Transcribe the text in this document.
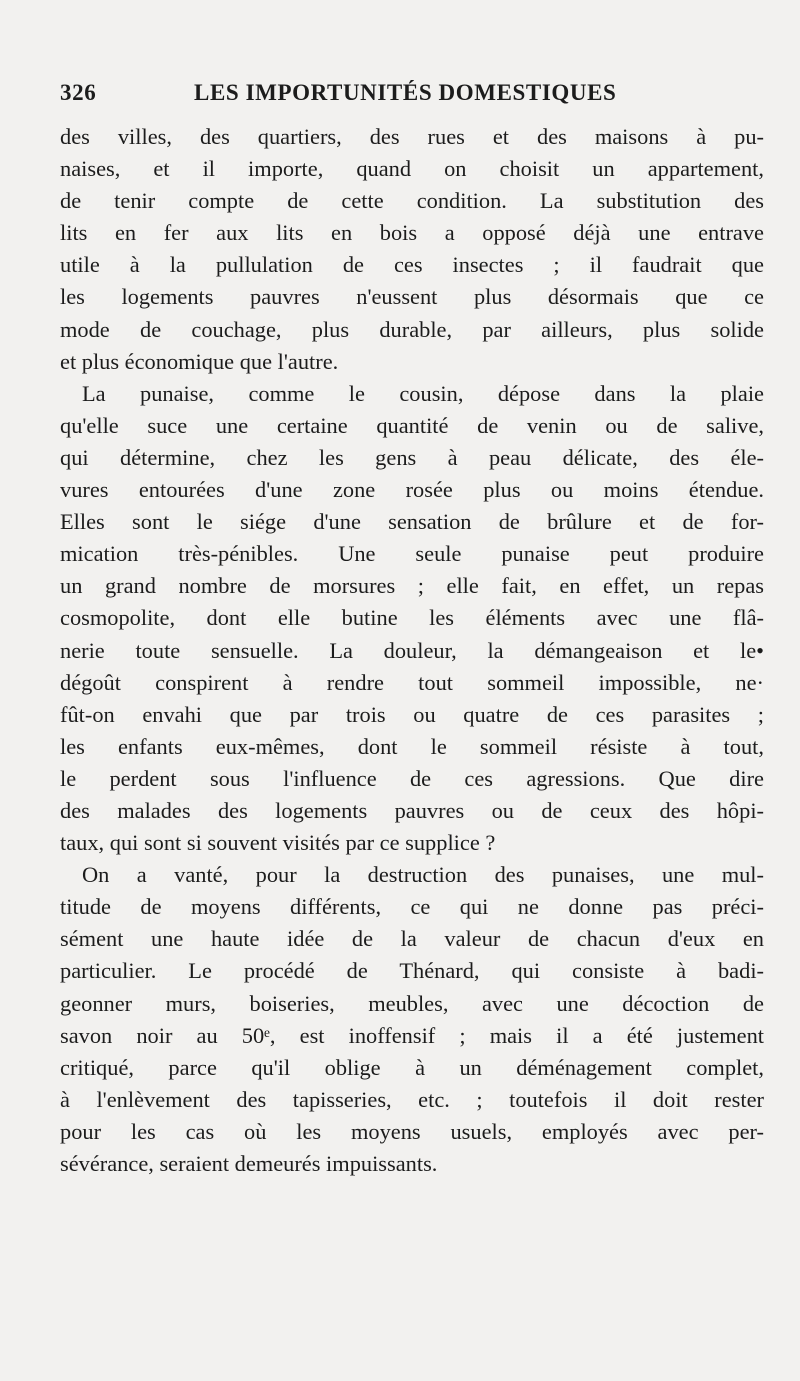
326	LES IMPORTUNITÉS DOMESTIQUES
des villes, des quartiers, des rues et des maisons à pu-
naises, et il importe, quand on choisit un appartement,
de tenir compte de cette condition. La substitution des
lits en fer aux lits en bois a opposé déjà une entrave
utile à la pullulation de ces insectes ; il faudrait que
les logements pauvres n'eussent plus désormais que ce
mode de couchage, plus durable, par ailleurs, plus solide
et plus économique que l'autre.
La punaise, comme le cousin, dépose dans la plaie
qu'elle suce une certaine quantité de venin ou de salive,
qui détermine, chez les gens à peau délicate, des éle-
vures entourées d'une zone rosée plus ou moins étendue.
Elles sont le siége d'une sensation de brûlure et de for-
mication très-pénibles. Une seule punaise peut produire
un grand nombre de morsures ; elle fait, en effet, un repas
cosmopolite, dont elle butine les éléments avec une flâ-
nerie toute sensuelle. La douleur, la démangeaison et le•
dégoût conspirent à rendre tout sommeil impossible, ne·
fût-on envahi que par trois ou quatre de ces parasites ;
les enfants eux-mêmes, dont le sommeil résiste à tout,
le perdent sous l'influence de ces agressions. Que dire
des malades des logements pauvres ou de ceux des hôpi-
taux, qui sont si souvent visités par ce supplice ?
On a vanté, pour la destruction des punaises, une mul-
titude de moyens différents, ce qui ne donne pas préci-
sément une haute idée de la valeur de chacun d'eux en
particulier. Le procédé de Thénard, qui consiste à badi-
geonner murs, boiseries, meubles, avec une décoction de
savon noir au 50ᵉ, est inoffensif ; mais il a été justement
critiqué, parce qu'il oblige à un déménagement complet,
à l'enlèvement des tapisseries, etc. ; toutefois il doit rester
pour les cas où les moyens usuels, employés avec per-
sévérance, seraient demeurés impuissants.
